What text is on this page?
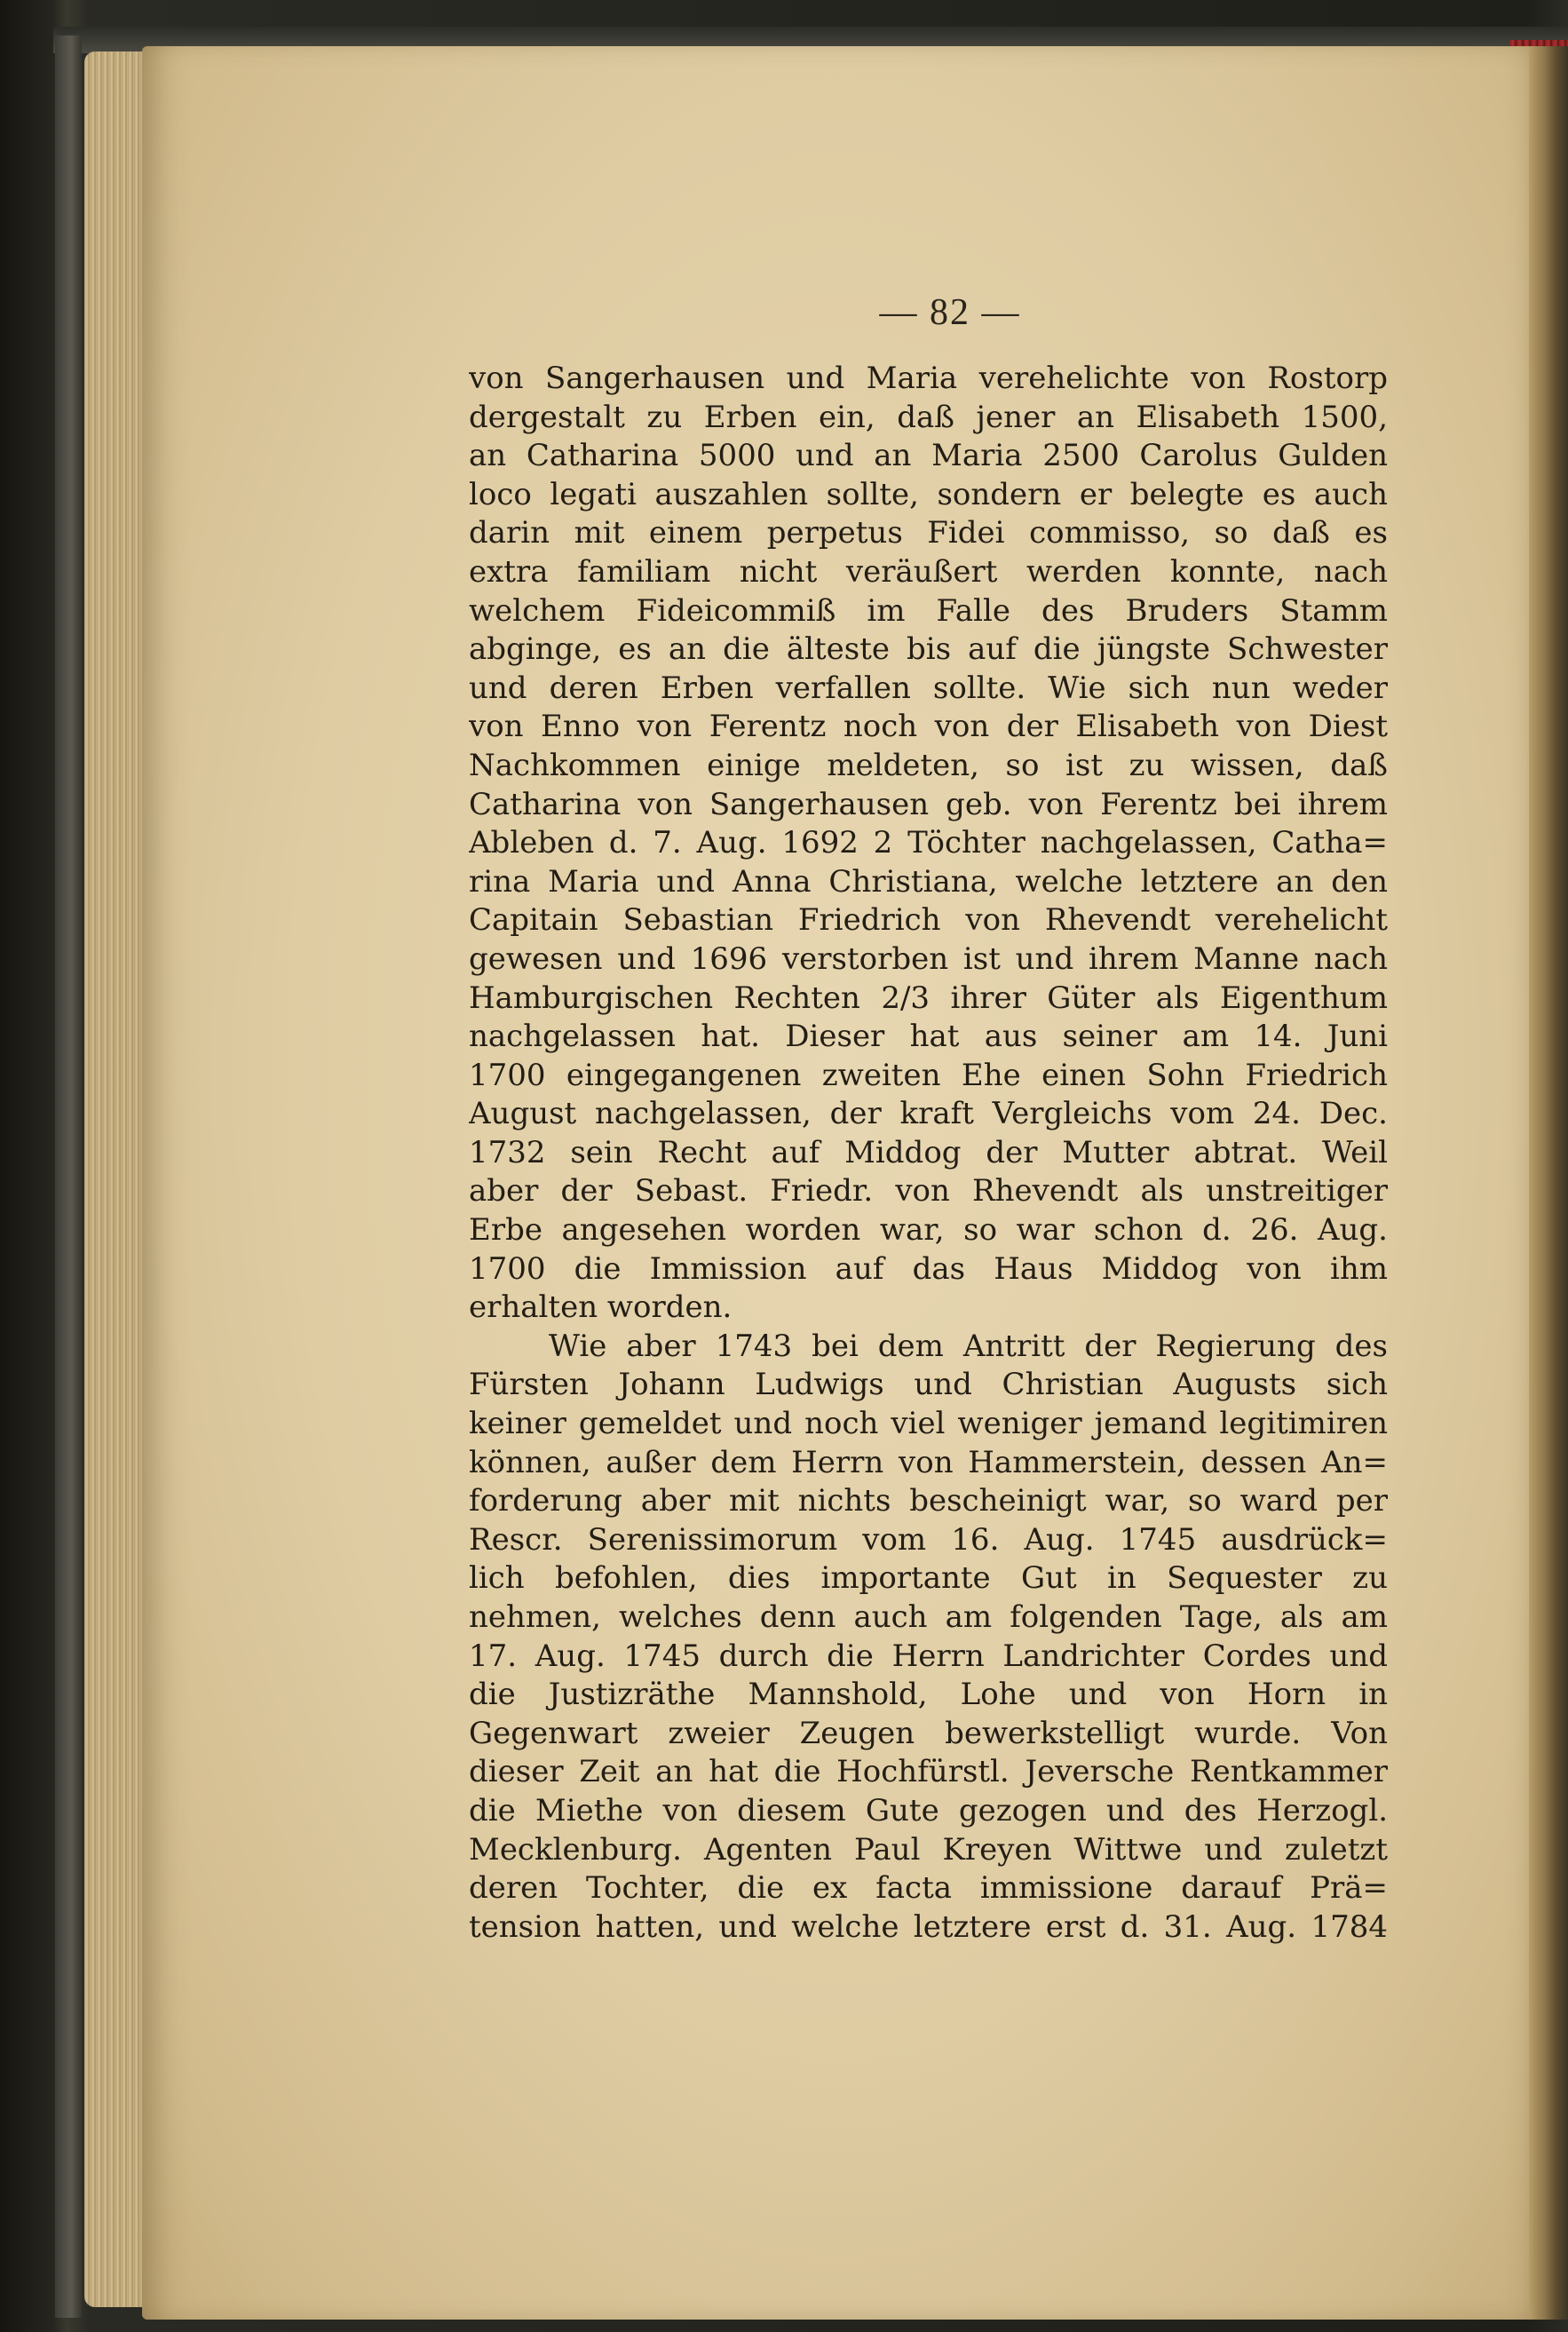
— 82 —
von Sangerhausen und Maria verehelichte von Rostorp
dergestalt zu Erben ein, daß jener an Elisabeth 1500,
an Catharina 5000 und an Maria 2500 Carolus Gulden
loco legati auszahlen sollte, sondern er belegte es auch
darin mit einem perpetus Fidei commisso, so daß es
extra familiam nicht veräußert werden konnte, nach
welchem Fideicommiß im Falle des Bruders Stamm
abginge, es an die älteste bis auf die jüngste Schwester
und deren Erben verfallen sollte. Wie sich nun weder
von Enno von Ferentz noch von der Elisabeth von Diest
Nachkommen einige meldeten, so ist zu wissen, daß
Catharina von Sangerhausen geb. von Ferentz bei ihrem
Ableben d. 7. Aug. 1692 2 Töchter nachgelassen, Catha=
rina Maria und Anna Christiana, welche letztere an den
Capitain Sebastian Friedrich von Rhevendt verehelicht
gewesen und 1696 verstorben ist und ihrem Manne nach
Hamburgischen Rechten 2/3 ihrer Güter als Eigenthum
nachgelassen hat. Dieser hat aus seiner am 14. Juni
1700 eingegangenen zweiten Ehe einen Sohn Friedrich
August nachgelassen, der kraft Vergleichs vom 24. Dec.
1732 sein Recht auf Middog der Mutter abtrat. Weil
aber der Sebast. Friedr. von Rhevendt als unstreitiger
Erbe angesehen worden war, so war schon d. 26. Aug.
1700 die Immission auf das Haus Middog von ihm
erhalten worden.
Wie aber 1743 bei dem Antritt der Regierung des
Fürsten Johann Ludwigs und Christian Augusts sich
keiner gemeldet und noch viel weniger jemand legitimiren
können, außer dem Herrn von Hammerstein, dessen An=
forderung aber mit nichts bescheinigt war, so ward per
Rescr. Serenissimorum vom 16. Aug. 1745 ausdrück=
lich befohlen, dies importante Gut in Sequester zu
nehmen, welches denn auch am folgenden Tage, als am
17. Aug. 1745 durch die Herrn Landrichter Cordes und
die Justizräthe Mannshold, Lohe und von Horn in
Gegenwart zweier Zeugen bewerkstelligt wurde. Von
dieser Zeit an hat die Hochfürstl. Jeversche Rentkammer
die Miethe von diesem Gute gezogen und des Herzogl.
Mecklenburg. Agenten Paul Kreyen Wittwe und zuletzt
deren Tochter, die ex facta immissione darauf Prä=
tension hatten, und welche letztere erst d. 31. Aug. 1784
